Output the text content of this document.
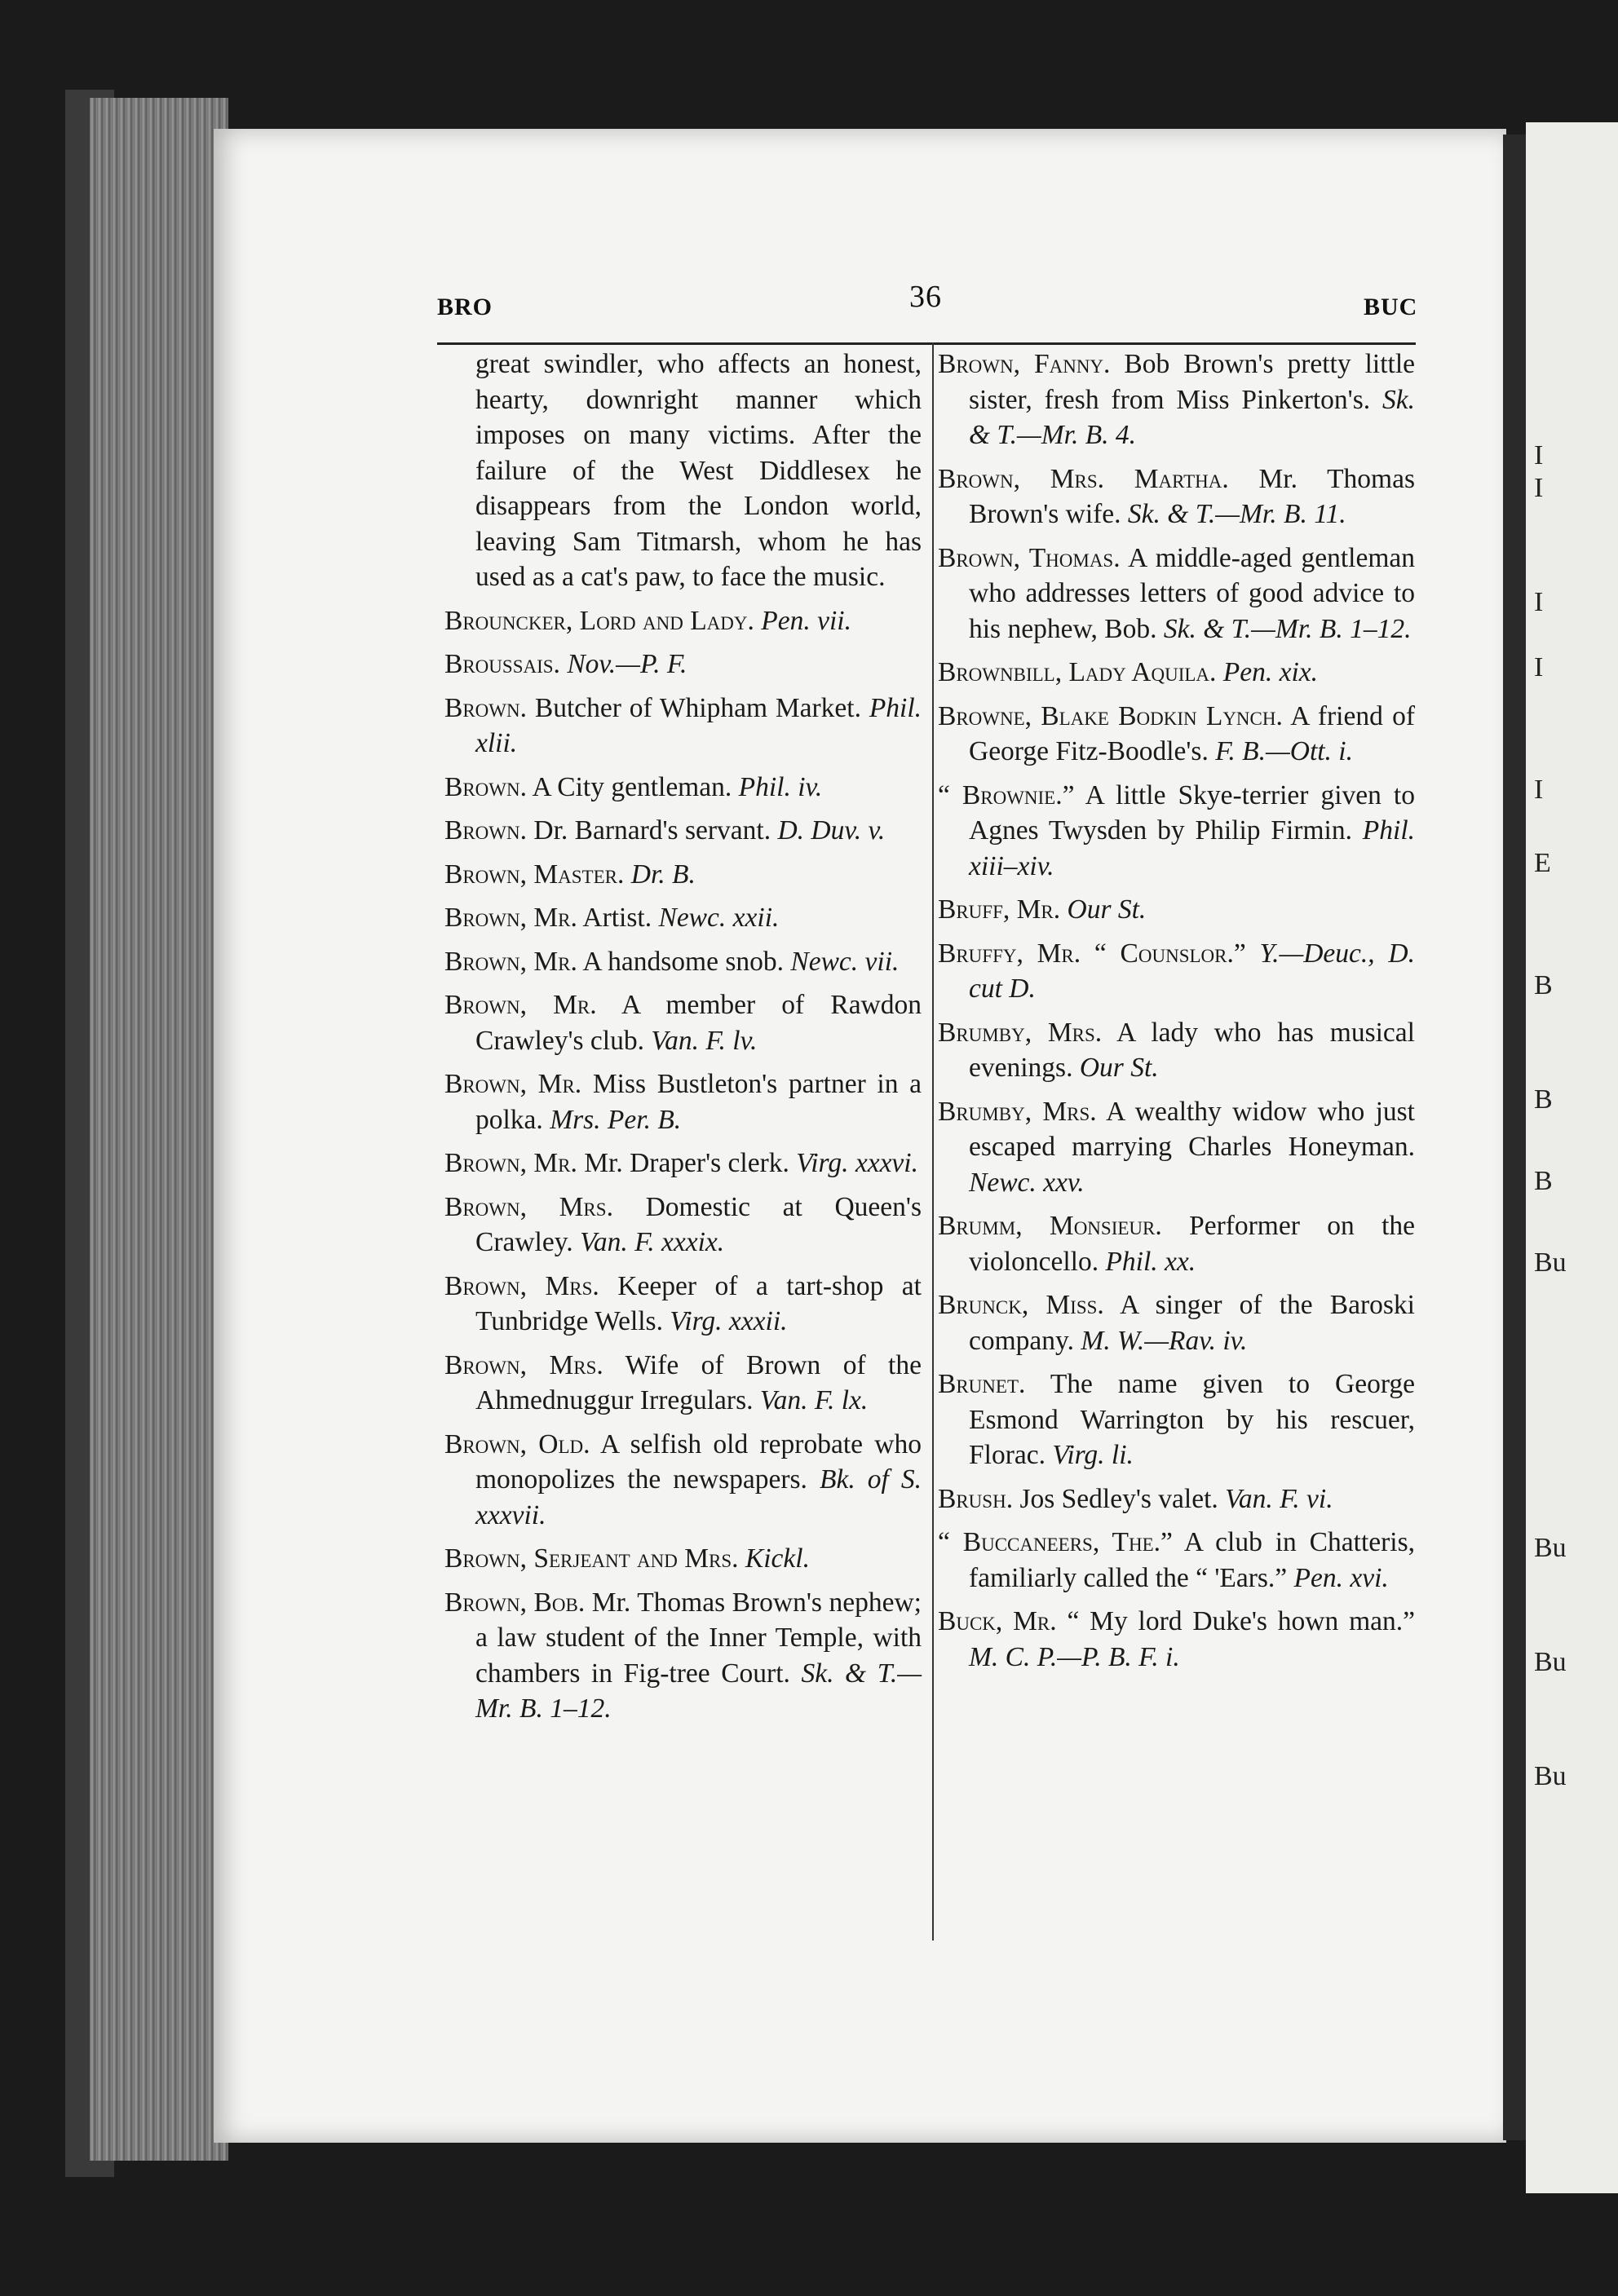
I
I
I
I
I
E
B
B
B
Bu
Bu
Bu
Bu
BRO	36	BUC
great swindler, who affects an honest, hearty, downright manner which imposes on many victims. After the failure of the West Diddlesex he disappears from the London world, leaving Sam Titmarsh, whom he has used as a cat's paw, to face the music.
Brouncker, Lord and Lady. Pen. vii.
Broussais. Nov.—P. F.
Brown. Butcher of Whipham Market. Phil. xlii.
Brown. A City gentleman. Phil. iv.
Brown. Dr. Barnard's servant. D. Duv. v.
Brown, Master. Dr. B.
Brown, Mr. Artist. Newc. xxii.
Brown, Mr. A handsome snob. Newc. vii.
Brown, Mr. A member of Rawdon Crawley's club. Van. F. lv.
Brown, Mr. Miss Bustleton's partner in a polka. Mrs. Per. B.
Brown, Mr. Mr. Draper's clerk. Virg. xxxvi.
Brown, Mrs. Domestic at Queen's Crawley. Van. F. xxxix.
Brown, Mrs. Keeper of a tart-shop at Tunbridge Wells. Virg. xxxii.
Brown, Mrs. Wife of Brown of the Ahmednuggur Irregulars. Van. F. lx.
Brown, Old. A selfish old reprobate who monopolizes the newspapers. Bk. of S. xxxvii.
Brown, Serjeant and Mrs. Kickl.
Brown, Bob. Mr. Thomas Brown's nephew; a law student of the Inner Temple, with chambers in Fig-tree Court. Sk. & T.—Mr. B. 1–12.
Brown, Fanny. Bob Brown's pretty little sister, fresh from Miss Pinkerton's. Sk. & T.—Mr. B. 4.
Brown, Mrs. Martha. Mr. Thomas Brown's wife. Sk. & T.—Mr. B. 11.
Brown, Thomas. A middle-aged gentleman who addresses letters of good advice to his nephew, Bob. Sk. & T.—Mr. B. 1–12.
Brownbill, Lady Aquila. Pen. xix.
Browne, Blake Bodkin Lynch. A friend of George Fitz-Boodle's. F. B.—Ott. i.
“ Brownie.” A little Skye-terrier given to Agnes Twysden by Philip Firmin. Phil. xiii–xiv.
Bruff, Mr. Our St.
Bruffy, Mr. “ Counslor.” Y.—Deuc., D. cut D.
Brumby, Mrs. A lady who has musical evenings. Our St.
Brumby, Mrs. A wealthy widow who just escaped marrying Charles Honeyman. Newc. xxv.
Brumm, Monsieur. Performer on the violoncello. Phil. xx.
Brunck, Miss. A singer of the Baroski company. M. W.—Rav. iv.
Brunet. The name given to George Esmond Warrington by his rescuer, Florac. Virg. li.
Brush. Jos Sedley's valet. Van. F. vi.
“ Buccaneers, The.” A club in Chatteris, familiarly called the “ 'Ears.” Pen. xvi.
Buck, Mr. “ My lord Duke's hown man.” M. C. P.—P. B. F. i.
